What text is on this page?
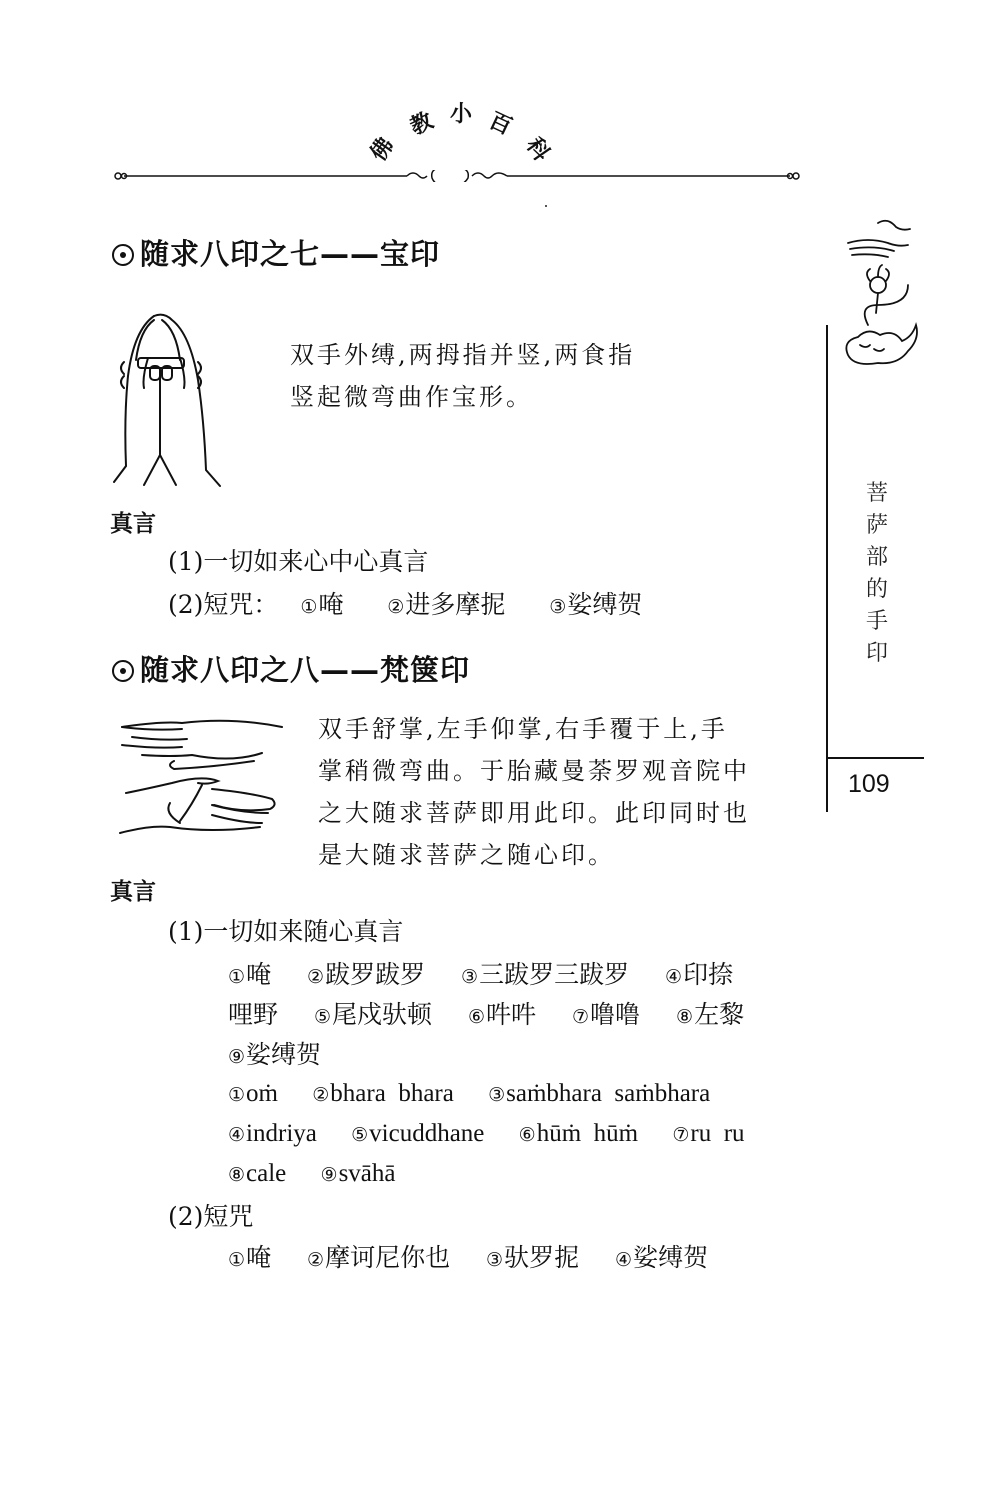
佛
教 小 百
科
随求八印之七——宝印
双手外缚,两拇指并竖,两食指
竖起微弯曲作宝形。
真言
(1)一切如来心中心真言
(2)短咒： ①唵 ②进多摩抳 ③娑缚贺
随求八印之八——梵箧印
双手舒掌,左手仰掌,右手覆于上,手
掌稍微弯曲。于胎藏曼荼罗观音院中
之大随求菩萨即用此印。此印同时也
是大随求菩萨之随心印。
真言
(1)一切如来随心真言
①唵 ②跋罗跋罗 ③三跋罗三跋罗 ④印捺
哩野 ⑤尾戍驮顿 ⑥吽吽 ⑦噜噜 ⑧左黎
⑨娑缚贺
①oṁ ②bhara  bhara ③saṁbhara  saṁbhara
④indriya ⑤vicuddhane ⑥hūṁ  hūṁ ⑦ru  ru
⑧cale ⑨svāhā
(2)短咒
①唵 ②摩诃尼你也 ③驮罗抳 ④娑缚贺
菩
萨
部
的
手
印
109
